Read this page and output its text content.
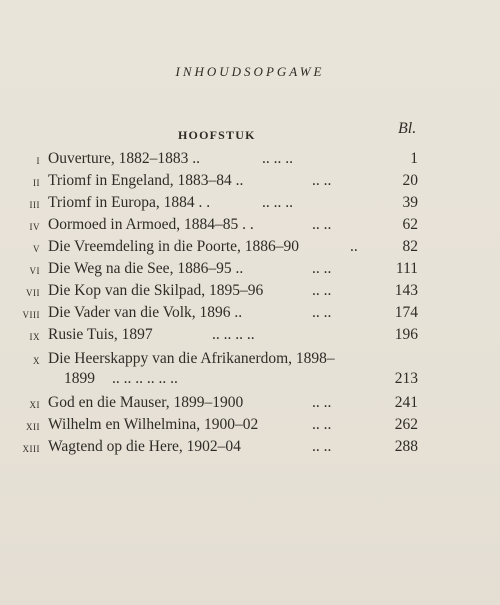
INHOUDSOPGAWE
HOOFSTUK	Bl.
I Ouverture, 1882–1883 ..	.. .. ..	1
II Triomf in Engeland, 1883–84 ..	.. ..	20
III Triomf in Europa, 1884 . .	.. .. ..	39
IV Oormoed in Armoed, 1884–85 . .	.. ..	62
V Die Vreemdeling in die Poorte, 1886–90	..	82
VI Die Weg na die See, 1886–95 ..	.. ..	111
VII Die Kop van die Skilpad, 1895–96	.. ..	143
VIII Die Vader van die Volk, 1896 ..	.. ..	174
IX Rusie Tuis, 1897	.. .. .. ..	196
X Die Heerskappy van die Afrikanerdom, 1898–
1899 .. .. .. .. .. ..	213
XI God en die Mauser, 1899–1900	.. ..	241
XII Wilhelm en Wilhelmina, 1900–02	.. ..	262
XIII Wagtend op die Here, 1902–04	.. ..	288
